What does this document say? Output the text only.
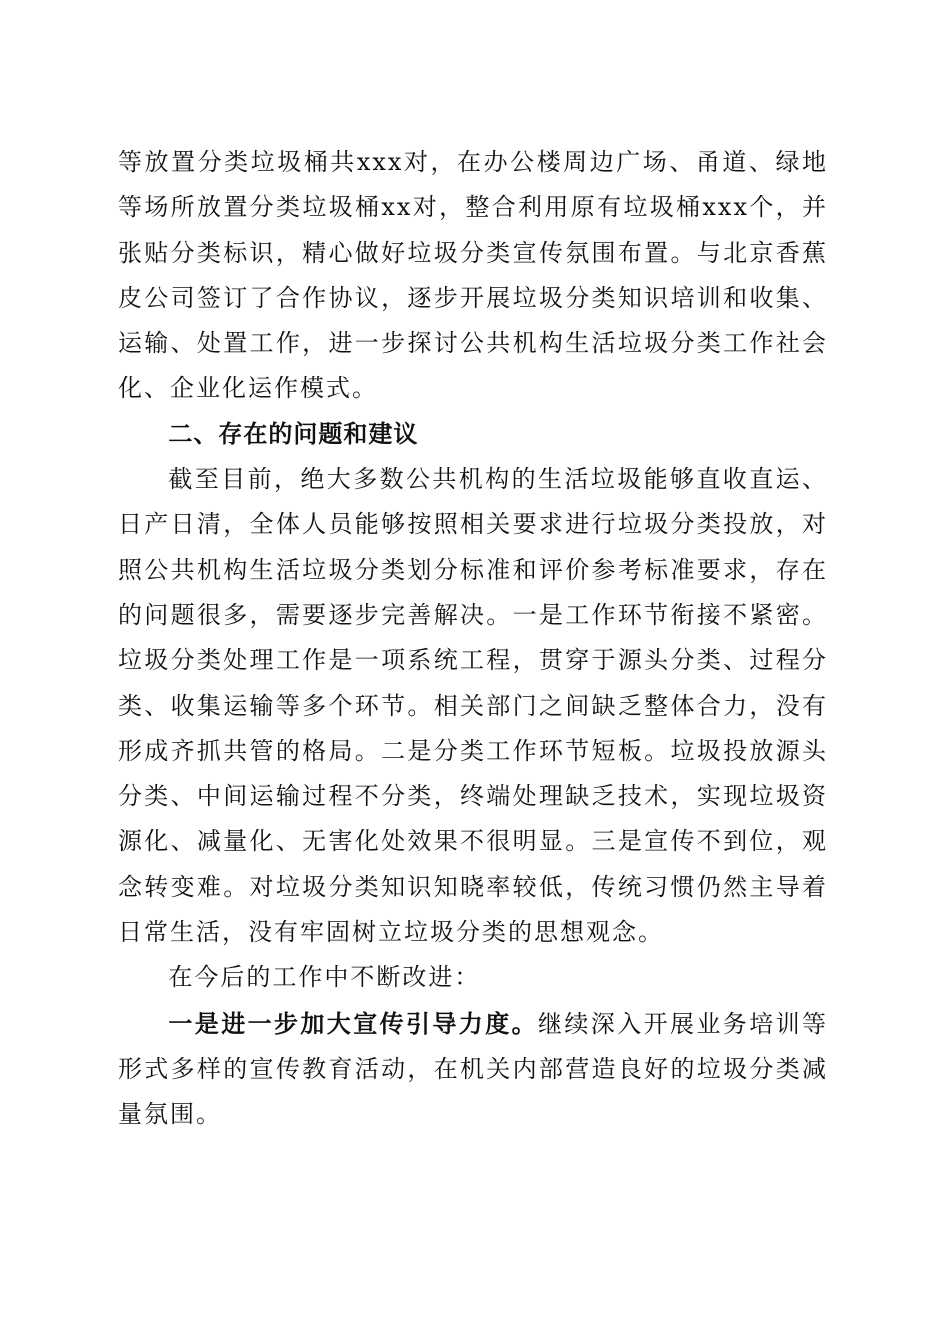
等放置分类垃圾桶共xxx对，在办公楼周边广场、甬道、绿地等场所放置分类垃圾桶xx对，整合利用原有垃圾桶xxx个，并张贴分类标识，精心做好垃圾分类宣传氛围布置。与北京香蕉皮公司签订了合作协议，逐步开展垃圾分类知识培训和收集、运输、处置工作，进一步探讨公共机构生活垃圾分类工作社会化、企业化运作模式。

二、存在的问题和建议

截至目前，绝大多数公共机构的生活垃圾能够直收直运、日产日清，全体人员能够按照相关要求进行垃圾分类投放，对照公共机构生活垃圾分类划分标准和评价参考标准要求，存在的问题很多，需要逐步完善解决。一是工作环节衔接不紧密。垃圾分类处理工作是一项系统工程，贯穿于源头分类、过程分类、收集运输等多个环节。相关部门之间缺乏整体合力，没有形成齐抓共管的格局。二是分类工作环节短板。垃圾投放源头分类、中间运输过程不分类，终端处理缺乏技术，实现垃圾资源化、减量化、无害化处效果不很明显。三是宣传不到位，观念转变难。对垃圾分类知识知晓率较低，传统习惯仍然主导着日常生活，没有牢固树立垃圾分类的思想观念。

在今后的工作中不断改进：

一是进一步加大宣传引导力度。继续深入开展业务培训等形式多样的宣传教育活动，在机关内部营造良好的垃圾分类减量氛围。
